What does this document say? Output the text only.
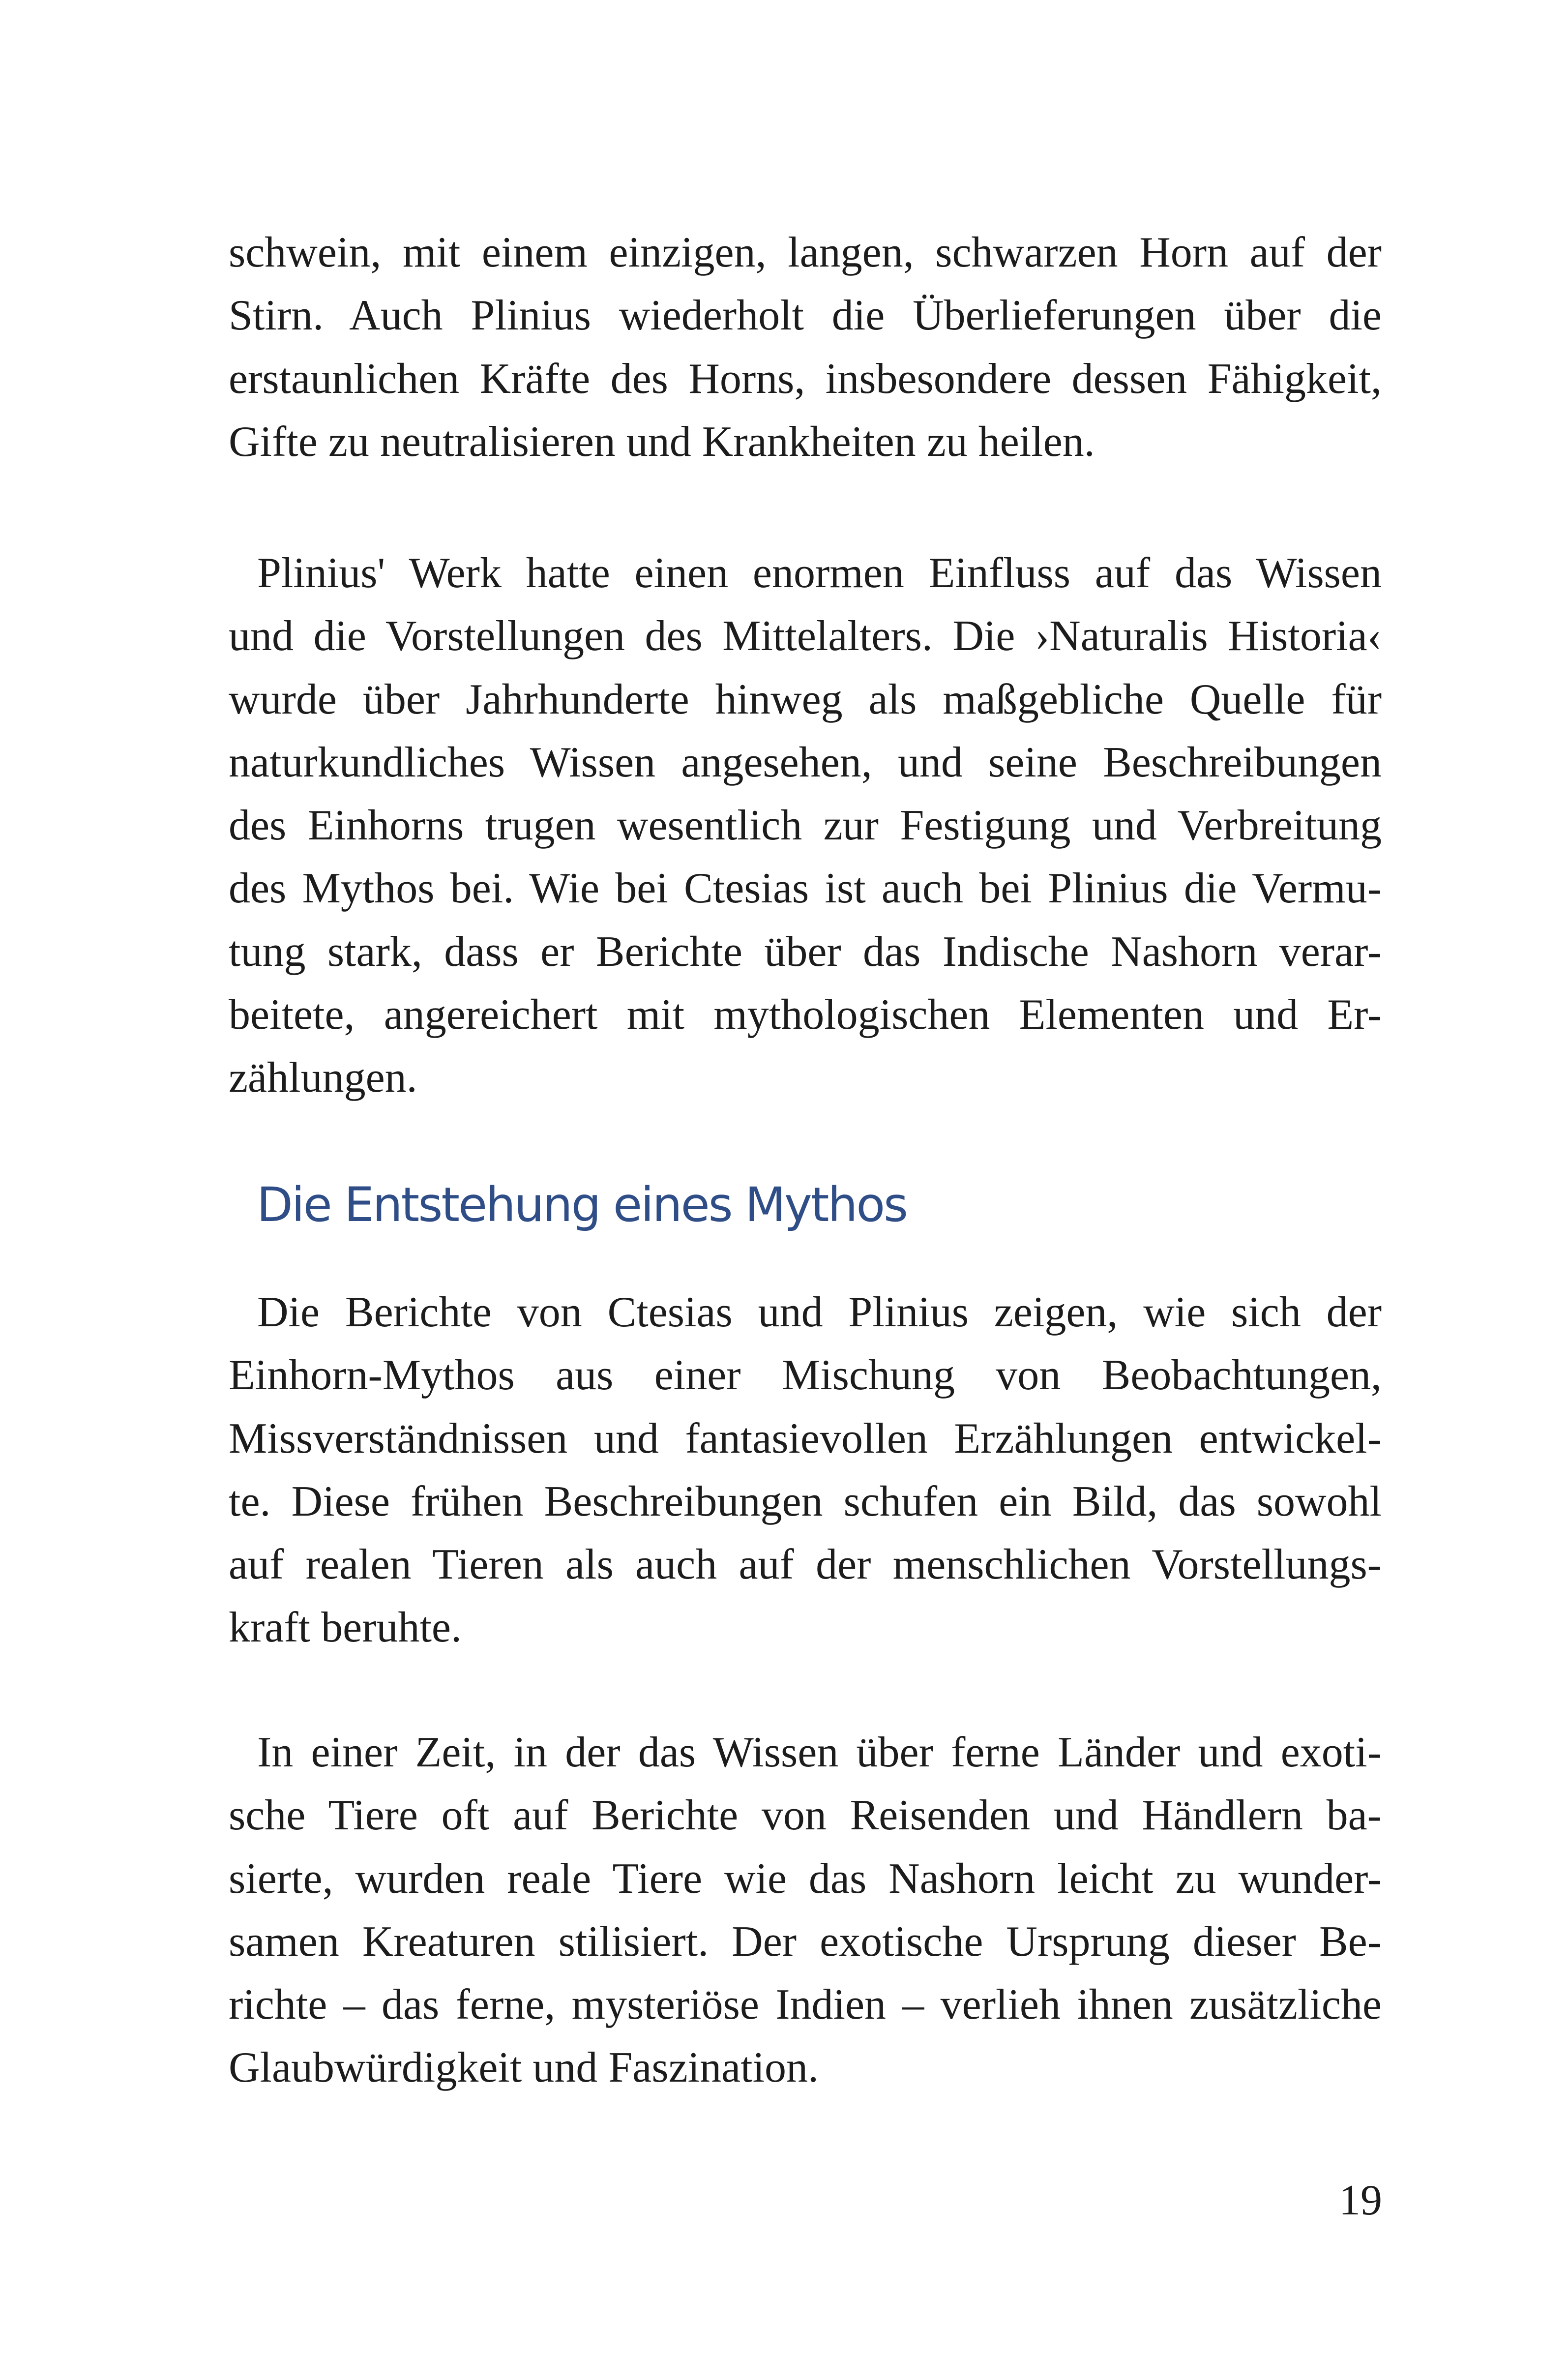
schwein, mit einem einzigen, langen, schwarzen Horn auf der
Stirn. Auch Plinius wiederholt die Überlieferungen über die
erstaunlichen Kräfte des Horns, insbesondere dessen Fähigkeit,
Gifte zu neutralisieren und Krankheiten zu heilen.
Plinius' Werk hatte einen enormen Einfluss auf das Wissen
und die Vorstellungen des Mittelalters. Die ›Naturalis Historia‹
wurde über Jahrhunderte hinweg als maßgebliche Quelle für
naturkundliches Wissen angesehen, und seine Beschreibungen
des Einhorns trugen wesentlich zur Festigung und Verbreitung
des Mythos bei. Wie bei Ctesias ist auch bei Plinius die Vermu-
tung stark, dass er Berichte über das Indische Nashorn verar-
beitete, angereichert mit mythologischen Elementen und Er-
zählungen.
Die Entstehung eines Mythos
Die Berichte von Ctesias und Plinius zeigen, wie sich der
Einhorn-Mythos aus einer Mischung von Beobachtungen,
Missverständnissen und fantasievollen Erzählungen entwickel-
te. Diese frühen Beschreibungen schufen ein Bild, das sowohl
auf realen Tieren als auch auf der menschlichen Vorstellungs-
kraft beruhte.
In einer Zeit, in der das Wissen über ferne Länder und exoti-
sche Tiere oft auf Berichte von Reisenden und Händlern ba-
sierte, wurden reale Tiere wie das Nashorn leicht zu wunder-
samen Kreaturen stilisiert. Der exotische Ursprung dieser Be-
richte – das ferne, mysteriöse Indien – verlieh ihnen zusätzliche
Glaubwürdigkeit und Faszination.
19
